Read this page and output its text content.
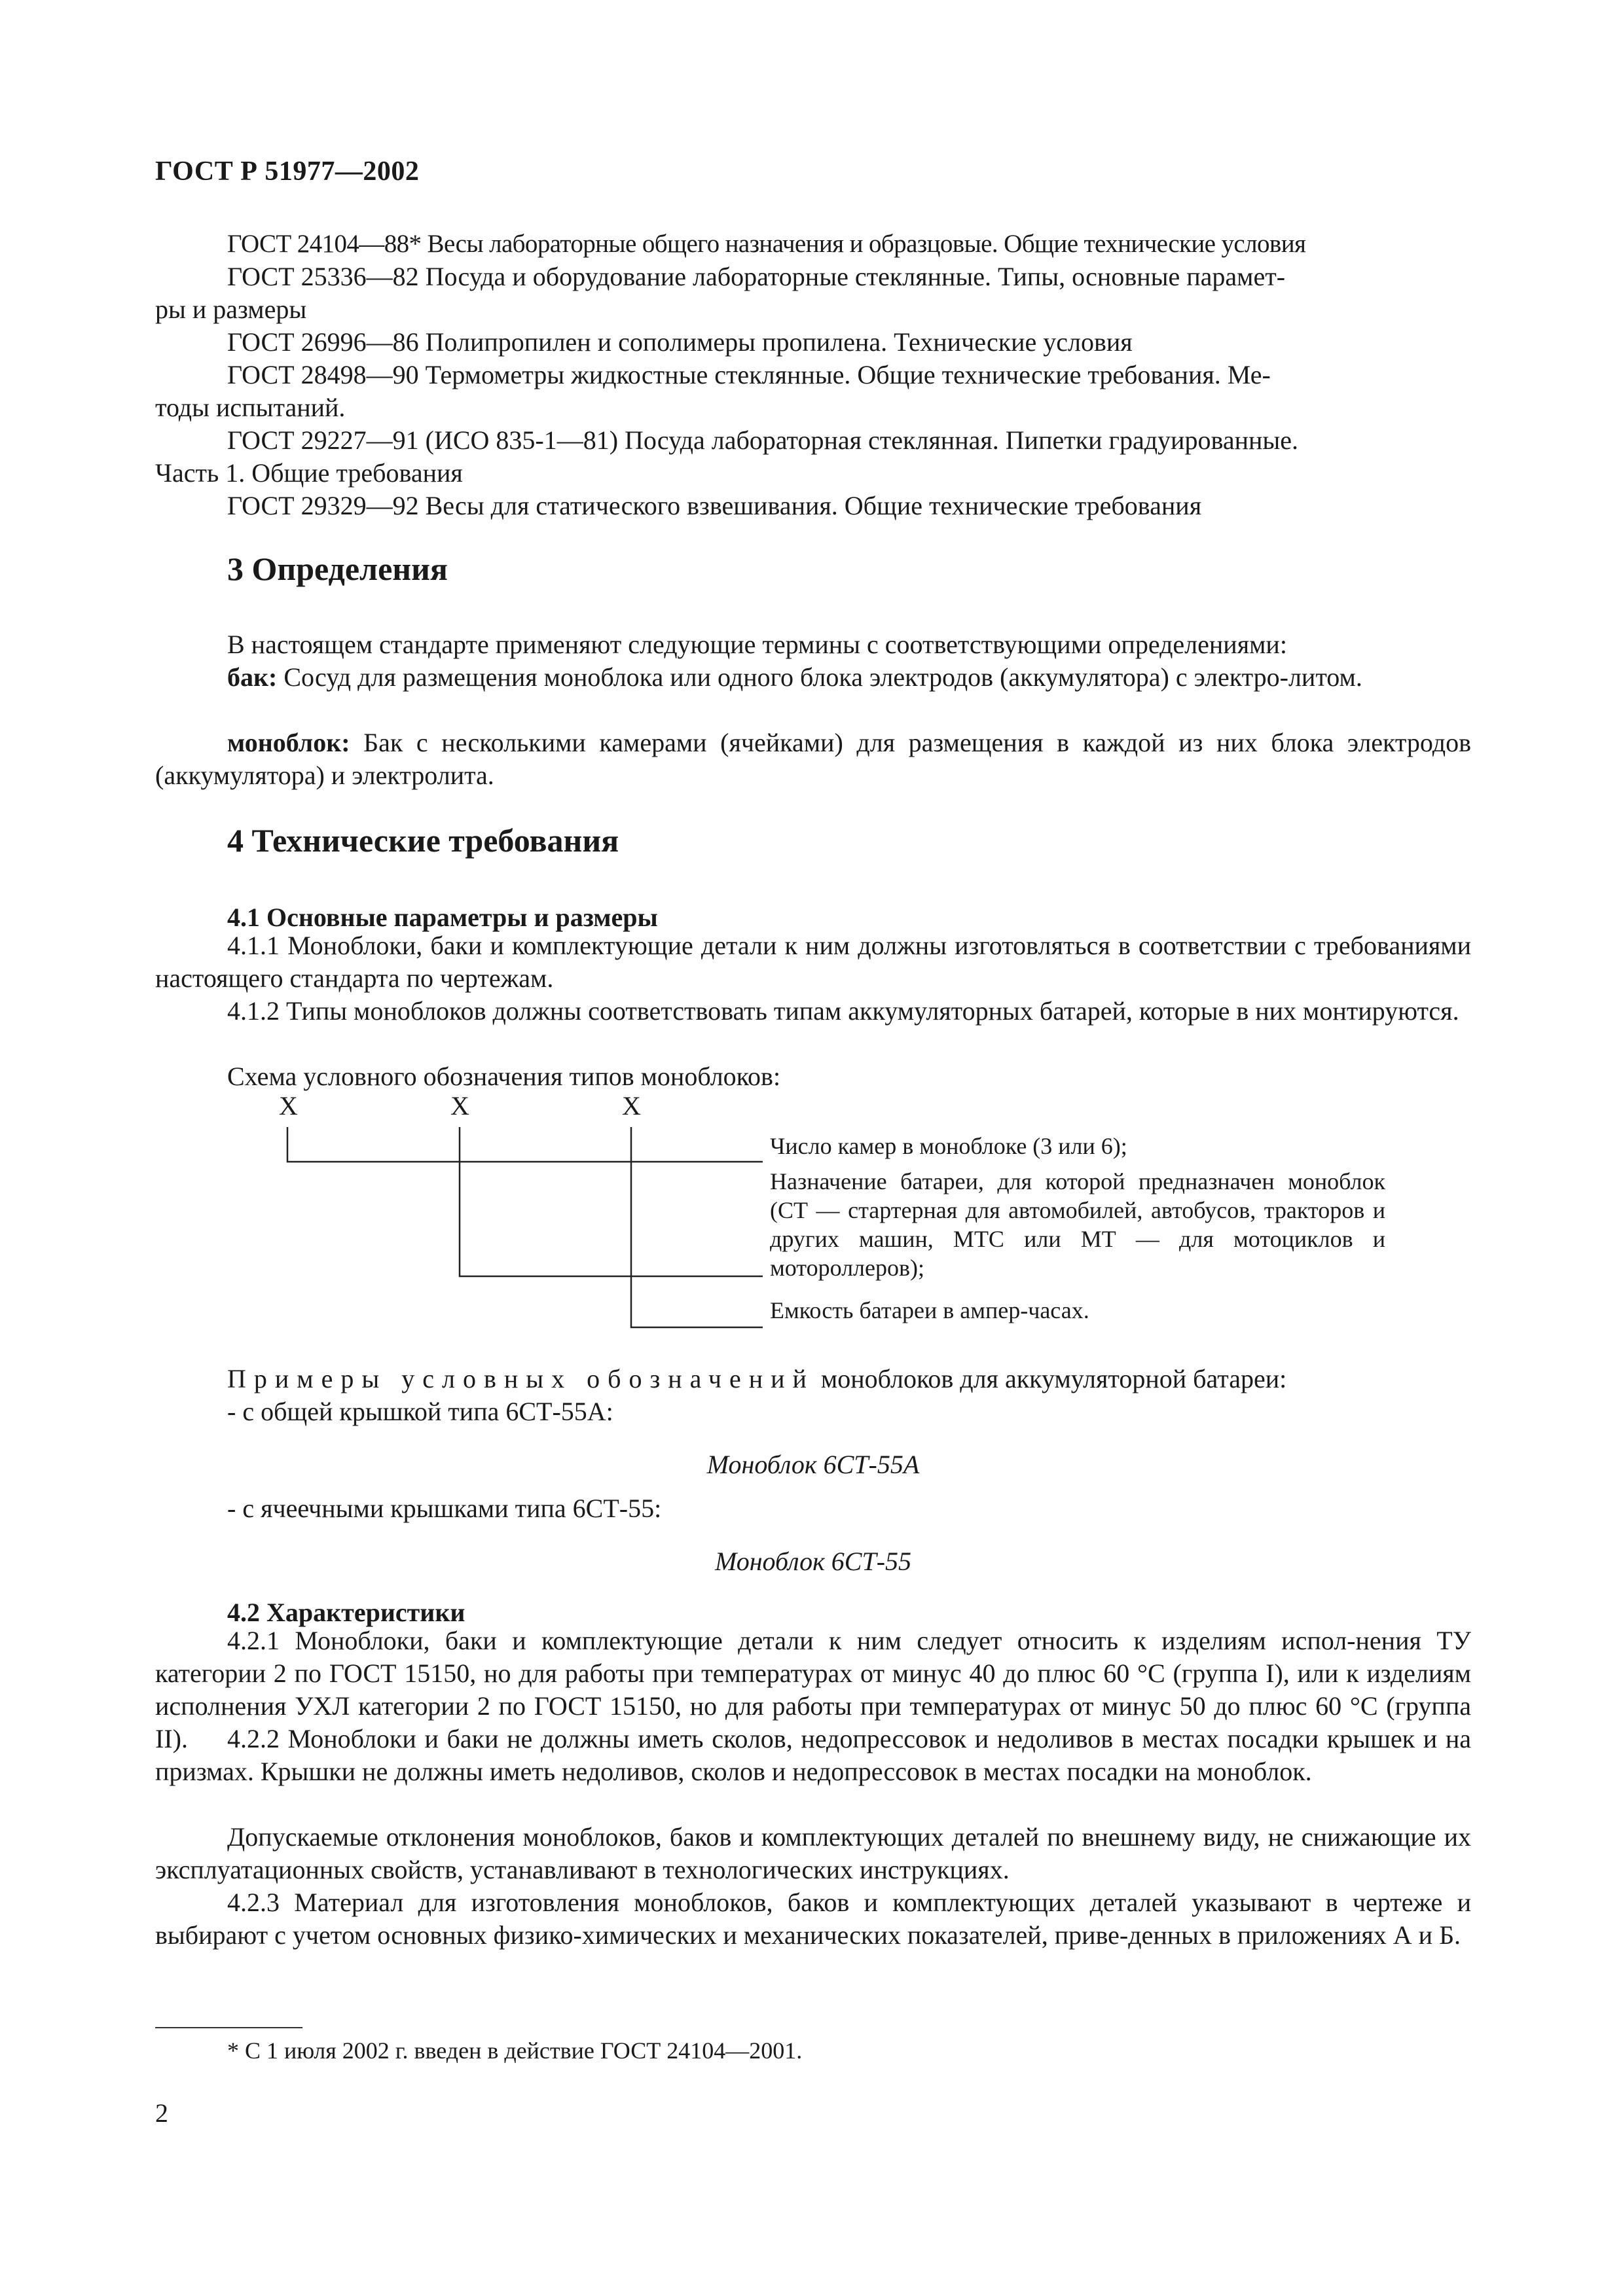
ГОСТ Р 51977—2002
ГОСТ 24104—88* Весы лабораторные общего назначения и образцовые. Общие технические условия
ГОСТ 25336—82 Посуда и оборудование лабораторные стеклянные. Типы, основные парамет-
ры и размеры
ГОСТ 26996—86 Полипропилен и сополимеры пропилена. Технические условия
ГОСТ 28498—90 Термометры жидкостные стеклянные. Общие технические требования. Ме-
тоды испытаний.
ГОСТ 29227—91 (ИСО 835-1—81) Посуда лабораторная стеклянная. Пипетки градуированные.
Часть 1. Общие требования
ГОСТ 29329—92 Весы для статического взвешивания. Общие технические требования
3 Определения
В настоящем стандарте применяют следующие термины с соответствующими определениями:
бак: Сосуд для размещения моноблока или одного блока электродов (аккумулятора) с электро-литом.
моноблок: Бак с несколькими камерами (ячейками) для размещения в каждой из них блока электродов (аккумулятора) и электролита.
4 Технические требования
4.1 Основные параметры и размеры
4.1.1 Моноблоки, баки и комплектующие детали к ним должны изготовляться в соответствии с требованиями настоящего стандарта по чертежам.
4.1.2 Типы моноблоков должны соответствовать типам аккумуляторных батарей, которые в них монтируются.
Схема условного обозначения типов моноблоков:
X	X	X
Число камер в моноблоке (3 или 6);
Назначение батареи, для которой предназначен моноблок (СТ — стартерная для автомобилей, автобусов, тракторов и других машин, МТС или МТ — для мотоциклов и мотороллеров);
Емкость батареи в ампер-часах.
Примеры условных обозначений моноблоков для аккумуляторной батареи:
- с общей крышкой типа 6СТ-55А:
Моноблок 6СТ-55А
- с ячеечными крышками типа 6СТ-55:
Моноблок 6СТ-55
4.2 Характеристики
4.2.1 Моноблоки, баки и комплектующие детали к ним следует относить к изделиям испол-нения ТУ категории 2 по ГОСТ 15150, но для работы при температурах от минус 40 до плюс 60 °С (группа I), или к изделиям исполнения УХЛ категории 2 по ГОСТ 15150, но для работы при температурах от минус 50 до плюс 60 °С (группа II).	4.2.2 Моноблоки и баки не должны иметь сколов, недопрессовок и недоливов в местах посадки крышек и на призмах. Крышки не должны иметь недоливов, сколов и недопрессовок в местах посадки на моноблок.
Допускаемые отклонения моноблоков, баков и комплектующих деталей по внешнему виду, не снижающие их эксплуатационных свойств, устанавливают в технологических инструкциях.
4.2.3 Материал для изготовления моноблоков, баков и комплектующих деталей указывают в чертеже и выбирают с учетом основных физико-химических и механических показателей, приве-денных в приложениях А и Б.
* С 1 июля 2002 г. введен в действие ГОСТ 24104—2001.
2
